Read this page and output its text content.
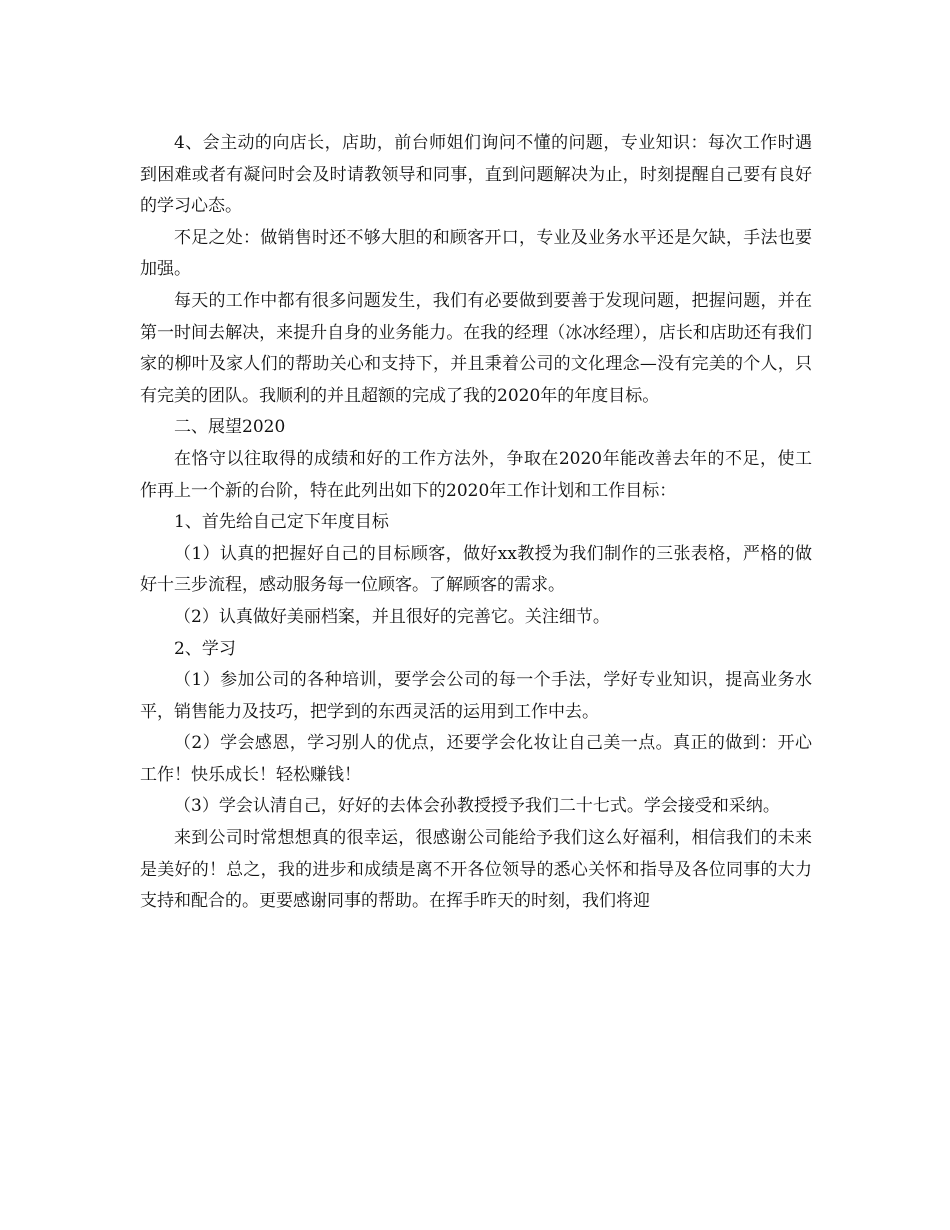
4、会主动的向店长，店助，前台师姐们询问不懂的问题，专业知识：每次工作时遇到困难或者有凝问时会及时请教领导和同事，直到问题解决为止，时刻提醒自己要有良好的学习心态。

不足之处：做销售时还不够大胆的和顾客开口，专业及业务水平还是欠缺，手法也要加强。

每天的工作中都有很多问题发生，我们有必要做到要善于发现问题，把握问题，并在第一时间去解决，来提升自身的业务能力。在我的经理（冰冰经理），店长和店助还有我们家的柳叶及家人们的帮助关心和支持下，并且秉着公司的文化理念—没有完美的个人，只有完美的团队。我顺利的并且超额的完成了我的2020年的年度目标。

二、展望2020

在恪守以往取得的成绩和好的工作方法外，争取在2020年能改善去年的不足，使工作再上一个新的台阶，特在此列出如下的2020年工作计划和工作目标：

1、首先给自己定下年度目标

（1）认真的把握好自己的目标顾客，做好xx教授为我们制作的三张表格，严格的做好十三步流程，感动服务每一位顾客。了解顾客的需求。

（2）认真做好美丽档案，并且很好的完善它。关注细节。

2、学习

（1）参加公司的各种培训，要学会公司的每一个手法，学好专业知识，提高业务水平，销售能力及技巧，把学到的东西灵活的运用到工作中去。

（2）学会感恩，学习别人的优点，还要学会化妆让自己美一点。真正的做到：开心工作！快乐成长！轻松赚钱！

（3）学会认清自己，好好的去体会孙教授授予我们二十七式。学会接受和采纳。

来到公司时常想想真的很幸运，很感谢公司能给予我们这么好福利，相信我们的未来是美好的！总之，我的进步和成绩是离不开各位领导的悉心关怀和指导及各位同事的大力支持和配合的。更要感谢同事的帮助。在挥手昨天的时刻，我们将迎
